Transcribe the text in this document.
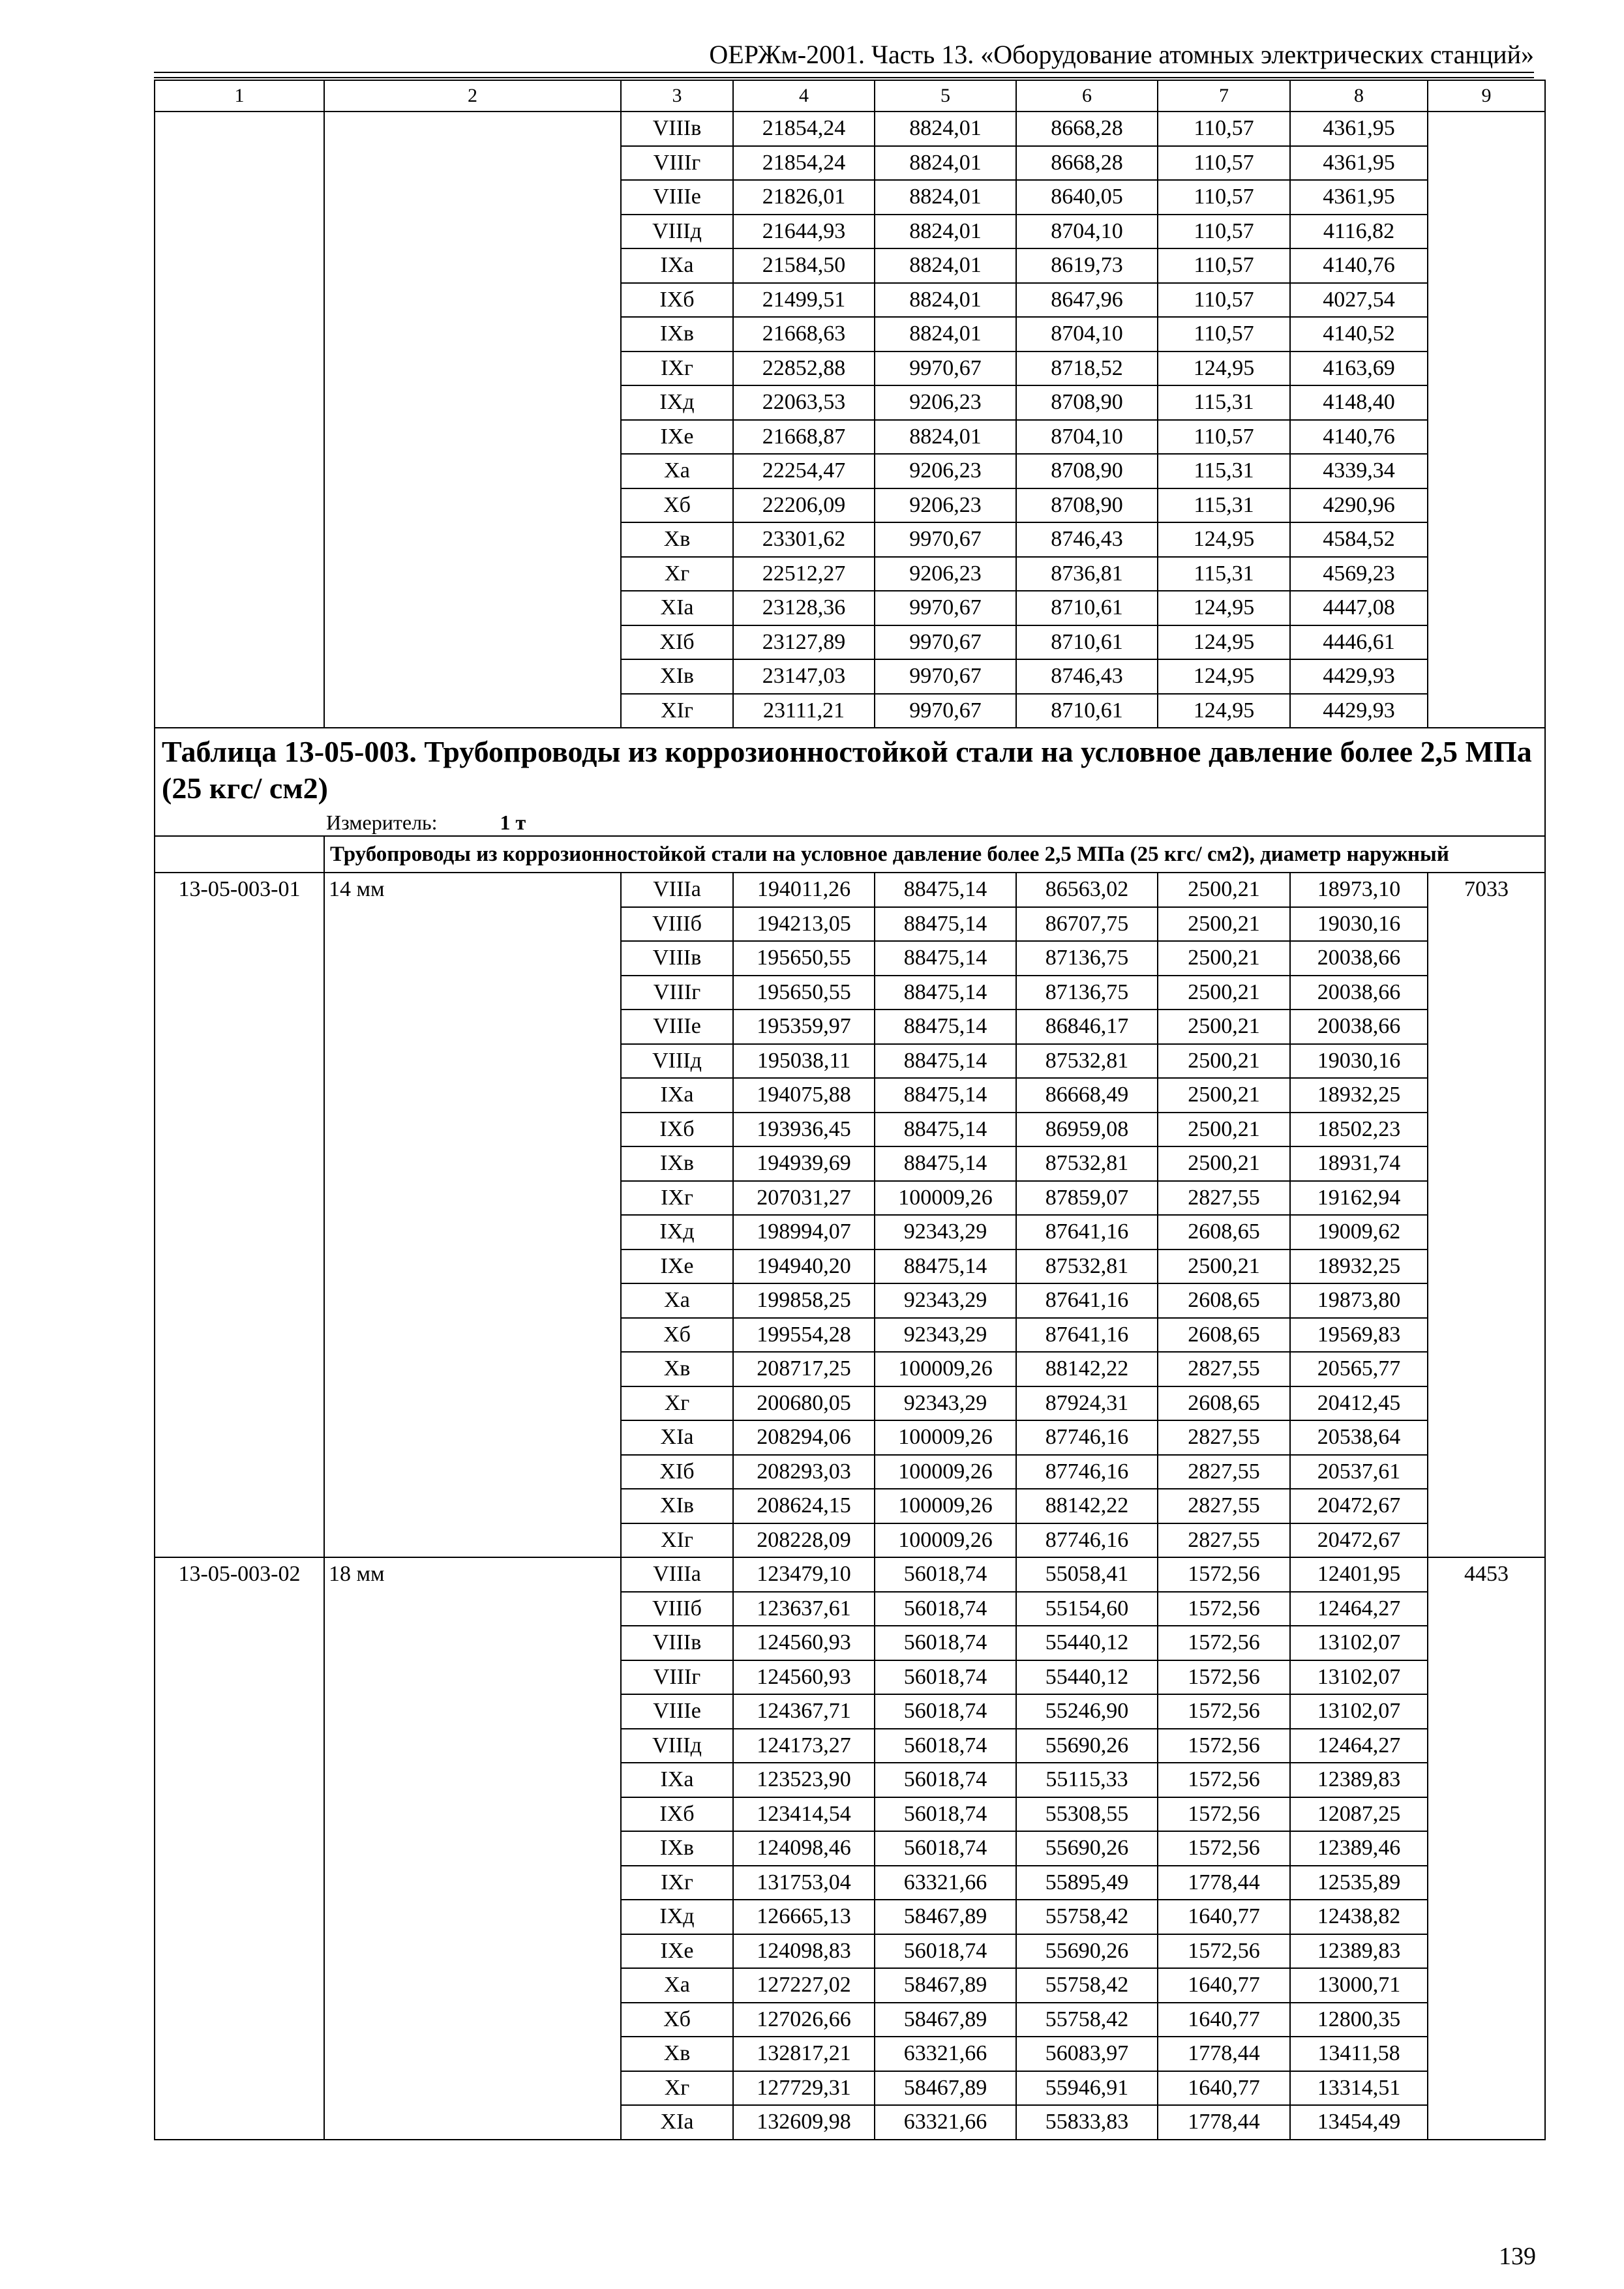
ОЕРЖм-2001. Часть 13. «Оборудование атомных электрических станций»
1	2	3	4	5	6	7	8	9
		VIIIв	21854,24	8824,01	8668,28	110,57	4361,95	
		VIIIг	21854,24	8824,01	8668,28	110,57	4361,95	
		VIIIе	21826,01	8824,01	8640,05	110,57	4361,95	
		VIIIд	21644,93	8824,01	8704,10	110,57	4116,82	
		IXа	21584,50	8824,01	8619,73	110,57	4140,76	
		IXб	21499,51	8824,01	8647,96	110,57	4027,54	
		IXв	21668,63	8824,01	8704,10	110,57	4140,52	
		IXг	22852,88	9970,67	8718,52	124,95	4163,69	
		IXд	22063,53	9206,23	8708,90	115,31	4148,40	
		IXе	21668,87	8824,01	8704,10	110,57	4140,76	
		Xа	22254,47	9206,23	8708,90	115,31	4339,34	
		Xб	22206,09	9206,23	8708,90	115,31	4290,96	
		Xв	23301,62	9970,67	8746,43	124,95	4584,52	
		Xг	22512,27	9206,23	8736,81	115,31	4569,23	
		XIа	23128,36	9970,67	8710,61	124,95	4447,08	
		XIб	23127,89	9970,67	8710,61	124,95	4446,61	
		XIв	23147,03	9970,67	8746,43	124,95	4429,93	
		XIг	23111,21	9970,67	8710,61	124,95	4429,93	
Таблица 13-05-003. Трубопроводы из коррозионностойкой стали на условное давление более 2,5 МПа (25 кгс/ см2)								

Измеритель: 1 т								

	Трубопроводы из коррозионностойкой стали на условное давление более 2,5 МПа (25 кгс/ см2), диаметр наружный							
13-05-003-01	14 мм	VIIIа	194011,26	88475,14	86563,02	2500,21	18973,10	7033
		VIIIб	194213,05	88475,14	86707,75	2500,21	19030,16	
		VIIIв	195650,55	88475,14	87136,75	2500,21	20038,66	
		VIIIг	195650,55	88475,14	87136,75	2500,21	20038,66	
		VIIIе	195359,97	88475,14	86846,17	2500,21	20038,66	
		VIIIд	195038,11	88475,14	87532,81	2500,21	19030,16	
		IXа	194075,88	88475,14	86668,49	2500,21	18932,25	
		IXб	193936,45	88475,14	86959,08	2500,21	18502,23	
		IXв	194939,69	88475,14	87532,81	2500,21	18931,74	
		IXг	207031,27	100009,26	87859,07	2827,55	19162,94	
		IXд	198994,07	92343,29	87641,16	2608,65	19009,62	
		IXе	194940,20	88475,14	87532,81	2500,21	18932,25	
		Xа	199858,25	92343,29	87641,16	2608,65	19873,80	
		Xб	199554,28	92343,29	87641,16	2608,65	19569,83	
		Xв	208717,25	100009,26	88142,22	2827,55	20565,77	
		Xг	200680,05	92343,29	87924,31	2608,65	20412,45	
		XIа	208294,06	100009,26	87746,16	2827,55	20538,64	
		XIб	208293,03	100009,26	87746,16	2827,55	20537,61	
		XIв	208624,15	100009,26	88142,22	2827,55	20472,67	
		XIг	208228,09	100009,26	87746,16	2827,55	20472,67	
13-05-003-02	18 мм	VIIIа	123479,10	56018,74	55058,41	1572,56	12401,95	4453
		VIIIб	123637,61	56018,74	55154,60	1572,56	12464,27	
		VIIIв	124560,93	56018,74	55440,12	1572,56	13102,07	
		VIIIг	124560,93	56018,74	55440,12	1572,56	13102,07	
		VIIIе	124367,71	56018,74	55246,90	1572,56	13102,07	
		VIIIд	124173,27	56018,74	55690,26	1572,56	12464,27	
		IXа	123523,90	56018,74	55115,33	1572,56	12389,83	
		IXб	123414,54	56018,74	55308,55	1572,56	12087,25	
		IXв	124098,46	56018,74	55690,26	1572,56	12389,46	
		IXг	131753,04	63321,66	55895,49	1778,44	12535,89	
		IXд	126665,13	58467,89	55758,42	1640,77	12438,82	
		IXе	124098,83	56018,74	55690,26	1572,56	12389,83	
		Xа	127227,02	58467,89	55758,42	1640,77	13000,71	
		Xб	127026,66	58467,89	55758,42	1640,77	12800,35	
		Xв	132817,21	63321,66	56083,97	1778,44	13411,58	
		Xг	127729,31	58467,89	55946,91	1640,77	13314,51	
		XIа	132609,98	63321,66	55833,83	1778,44	13454,49	
139
